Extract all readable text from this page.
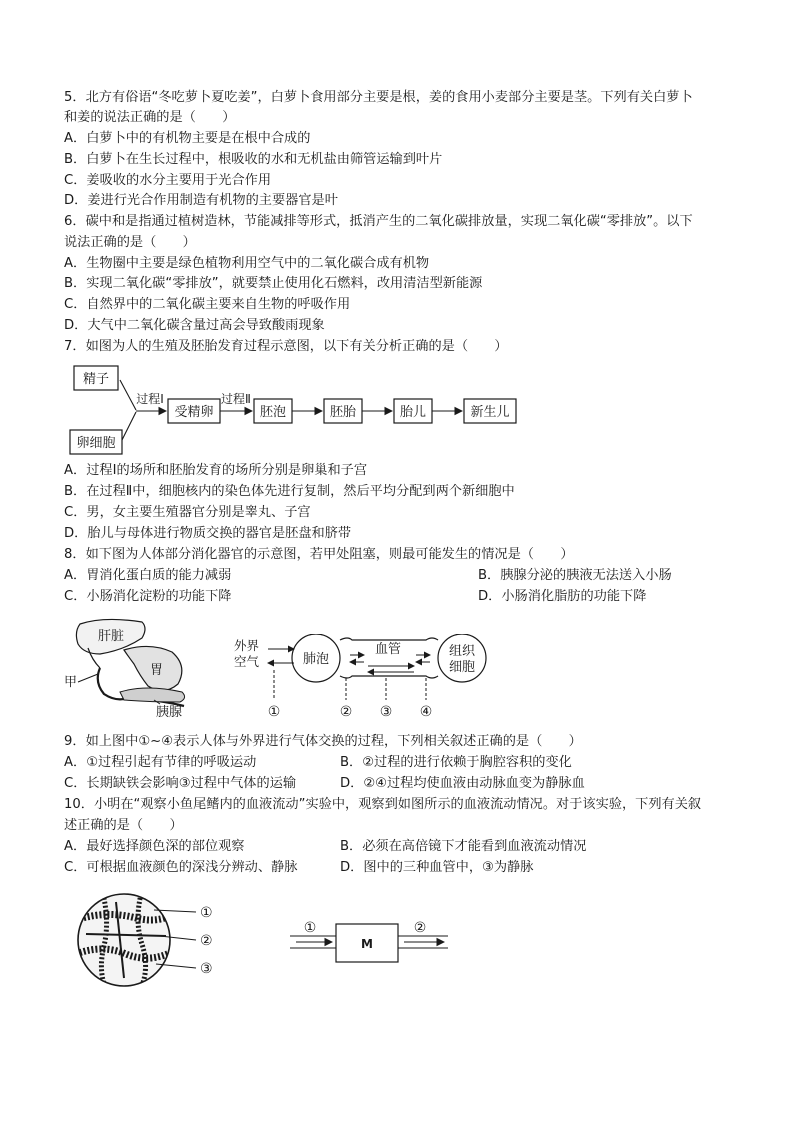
5．北方有俗语“冬吃萝卜夏吃姜”，白萝卜食用部分主要是根，姜的食用小麦部分主要是茎。下列有关白萝卜
和姜的说法正确的是（　　）
A．白萝卜中的有机物主要是在根中合成的
B．白萝卜在生长过程中，根吸收的水和无机盐由筛管运输到叶片
C．姜吸收的水分主要用于光合作用
D．姜进行光合作用制造有机物的主要器官是叶
6．碳中和是指通过植树造林，节能减排等形式，抵消产生的二氧化碳排放量，实现二氧化碳“零排放”。以下
说法正确的是（　　）
A．生物圈中主要是绿色植物利用空气中的二氧化碳合成有机物
B．实现二氧化碳“零排放”，就要禁止使用化石燃料，改用清洁型新能源
C．自然界中的二氧化碳主要来自生物的呼吸作用
D．大气中二氧化碳含量过高会导致酸雨现象
7．如图为人的生殖及胚胎发育过程示意图，以下有关分析正确的是（　　）
精子
卵细胞
过程Ⅰ
受精卵
过程Ⅱ
胚泡	胚胎	胎儿	新生儿
A．过程Ⅰ的场所和胚胎发育的场所分别是卵巢和子宫
B．在过程Ⅱ中，细胞核内的染色体先进行复制，然后平均分配到两个新细胞中
C．男，女主要生殖器官分别是睾丸、子宫
D．胎儿与母体进行物质交换的器官是胚盘和脐带
8．如下图为人体部分消化器官的示意图，若甲处阻塞，则最可能发生的情况是（　　）
A．胃消化蛋白质的能力减弱	B．胰腺分泌的胰液无法送入小肠
C．小肠消化淀粉的功能下降	D．小肠消化脂肪的功能下降
肝脏
胃
甲
胰腺
外界
空气	肺泡
血管	组织
细胞
①	② ③ ④
9．如上图中①~④表示人体与外界进行气体交换的过程，下列相关叙述正确的是（　　）
A．①过程引起有节律的呼吸运动	B．②过程的进行依赖于胸腔容积的变化
C．长期缺铁会影响③过程中气体的运输	D．②④过程均使血液由动脉血变为静脉血
10．小明在“观察小鱼尾鳍内的血液流动”实验中，观察到如图所示的血液流动情况。对于该实验，下列有关叙
述正确的是（　　）
A．最好选择颜色深的部位观察	B．必须在高倍镜下才能看到血液流动情况
C．可根据血液颜色的深浅分辨动、静脉	D．图中的三种血管中，③为静脉
①
②
③
①
M
②
